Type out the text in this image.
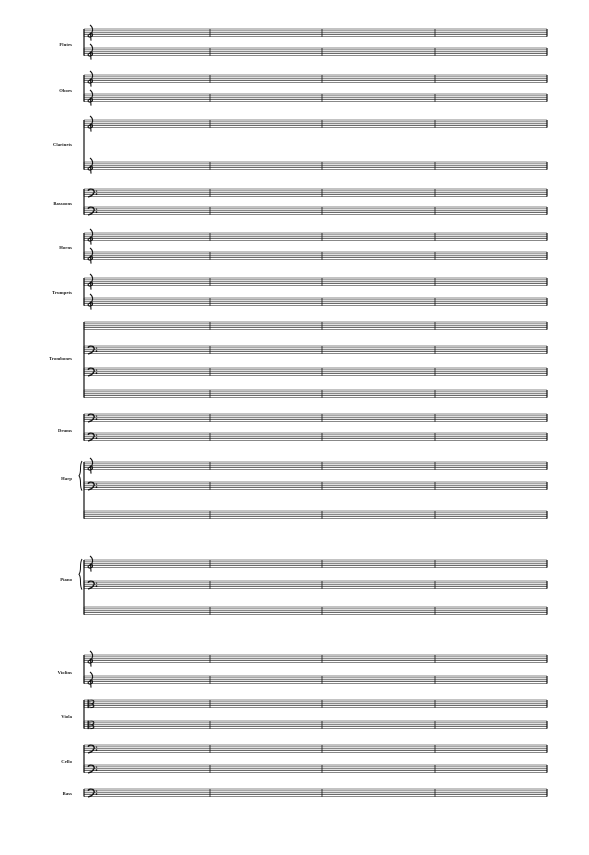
Flutes
Oboes
Clarinets
Bassoons
Horns
Trumpets
Trombones
Drums
Harp
Piano
Violins
Viola
Cello
Bass
